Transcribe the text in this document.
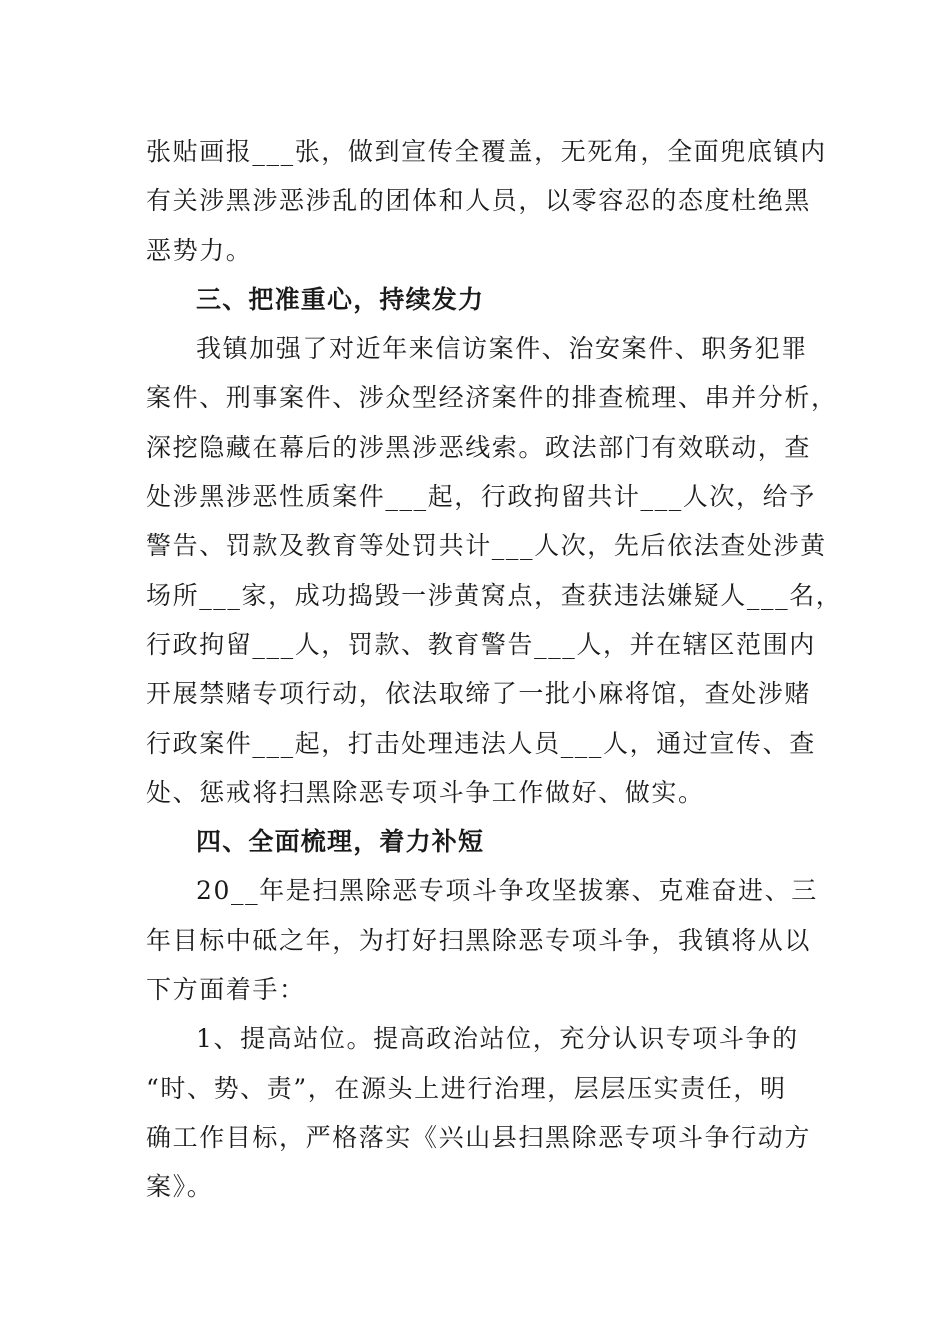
张贴画报___张，做到宣传全覆盖，无死角，全面兜底镇内
有关涉黑涉恶涉乱的团体和人员，以零容忍的态度杜绝黑
恶势力。
三、把准重心，持续发力
我镇加强了对近年来信访案件、治安案件、职务犯罪
案件、刑事案件、涉众型经济案件的排查梳理、串并分析，
深挖隐藏在幕后的涉黑涉恶线索。政法部门有效联动，查
处涉黑涉恶性质案件___起，行政拘留共计___人次，给予
警告、罚款及教育等处罚共计___人次，先后依法查处涉黄
场所___家，成功捣毁一涉黄窝点，查获违法嫌疑人___名，
行政拘留___人，罚款、教育警告___人，并在辖区范围内
开展禁赌专项行动，依法取缔了一批小麻将馆，查处涉赌
行政案件___起，打击处理违法人员___人，通过宣传、查
处、惩戒将扫黑除恶专项斗争工作做好、做实。
四、全面梳理，着力补短
20__年是扫黑除恶专项斗争攻坚拔寨、克难奋进、三
年目标中砥之年，为打好扫黑除恶专项斗争，我镇将从以
下方面着手：
1、提高站位。提高政治站位，充分认识专项斗争的
“时、势、责”，在源头上进行治理，层层压实责任，明
确工作目标，严格落实《兴山县扫黑除恶专项斗争行动方
案》。
